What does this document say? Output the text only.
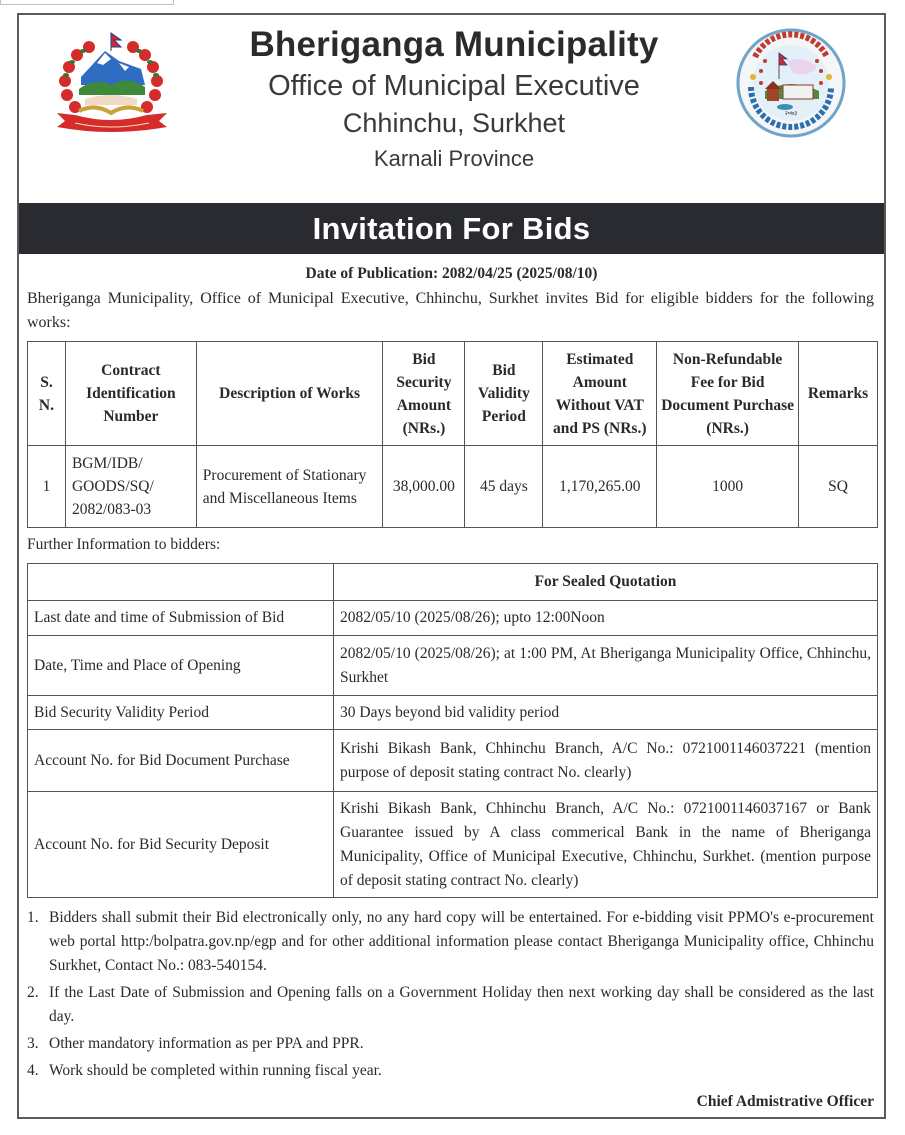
Bheriganga Municipality
Office of Municipal Executive
Chhinchu, Surkhet
Karnali Province
२०७३
Invitation For Bids
Date of Publication: 2082/04/25 (2025/08/10)
Bheriganga Municipality, Office of Municipal Executive, Chhinchu, Surkhet invites Bid for eligible bidders for the following works:
S. N.	Contract Identification Number	Description of Works	Bid Security Amount (NRs.)	Bid Validity Period	Estimated Amount Without VAT and PS (NRs.)	Non-Refundable Fee for Bid Document Purchase (NRs.)	Remarks
1	BGM/IDB/ GOODS/SQ/ 2082/083-03	Procurement of Stationary and Miscellaneous Items	38,000.00	45 days	1,170,265.00	1000	SQ
Further Information to bidders:
	For Sealed Quotation
Last date and time of Submission of Bid	2082/05/10 (2025/08/26); upto 12:00Noon
Date, Time and Place of Opening	2082/05/10 (2025/08/26); at 1:00 PM, At Bheriganga Municipality Office, Chhinchu, Surkhet
Bid Security Validity Period	30 Days beyond bid validity period
Account No. for Bid Document Purchase	Krishi Bikash Bank, Chhinchu Branch, A/C No.: 0721001146037221 (mention purpose of deposit stating contract No. clearly)
Account No. for Bid Security Deposit	Krishi Bikash Bank, Chhinchu Branch, A/C No.: 0721001146037167 or Bank Guarantee issued by A class commerical Bank in the name of Bheriganga Municipality, Office of Municipal Executive, Chhinchu, Surkhet. (mention purpose of deposit stating contract No. clearly)
1. Bidders shall submit their Bid electronically only, no any hard copy will be entertained. For e-bidding visit PPMO's e-procurement web portal http:/bolpatra.gov.np/egp and for other additional information please contact Bheriganga Municipality office, Chhinchu Surkhet, Contact No.: 083-540154.
2. If the Last Date of Submission and Opening falls on a Government Holiday then next working day shall be considered as the last day.
3. Other mandatory information as per PPA and PPR.
4. Work should be completed within running fiscal year.
Chief Admistrative Officer
